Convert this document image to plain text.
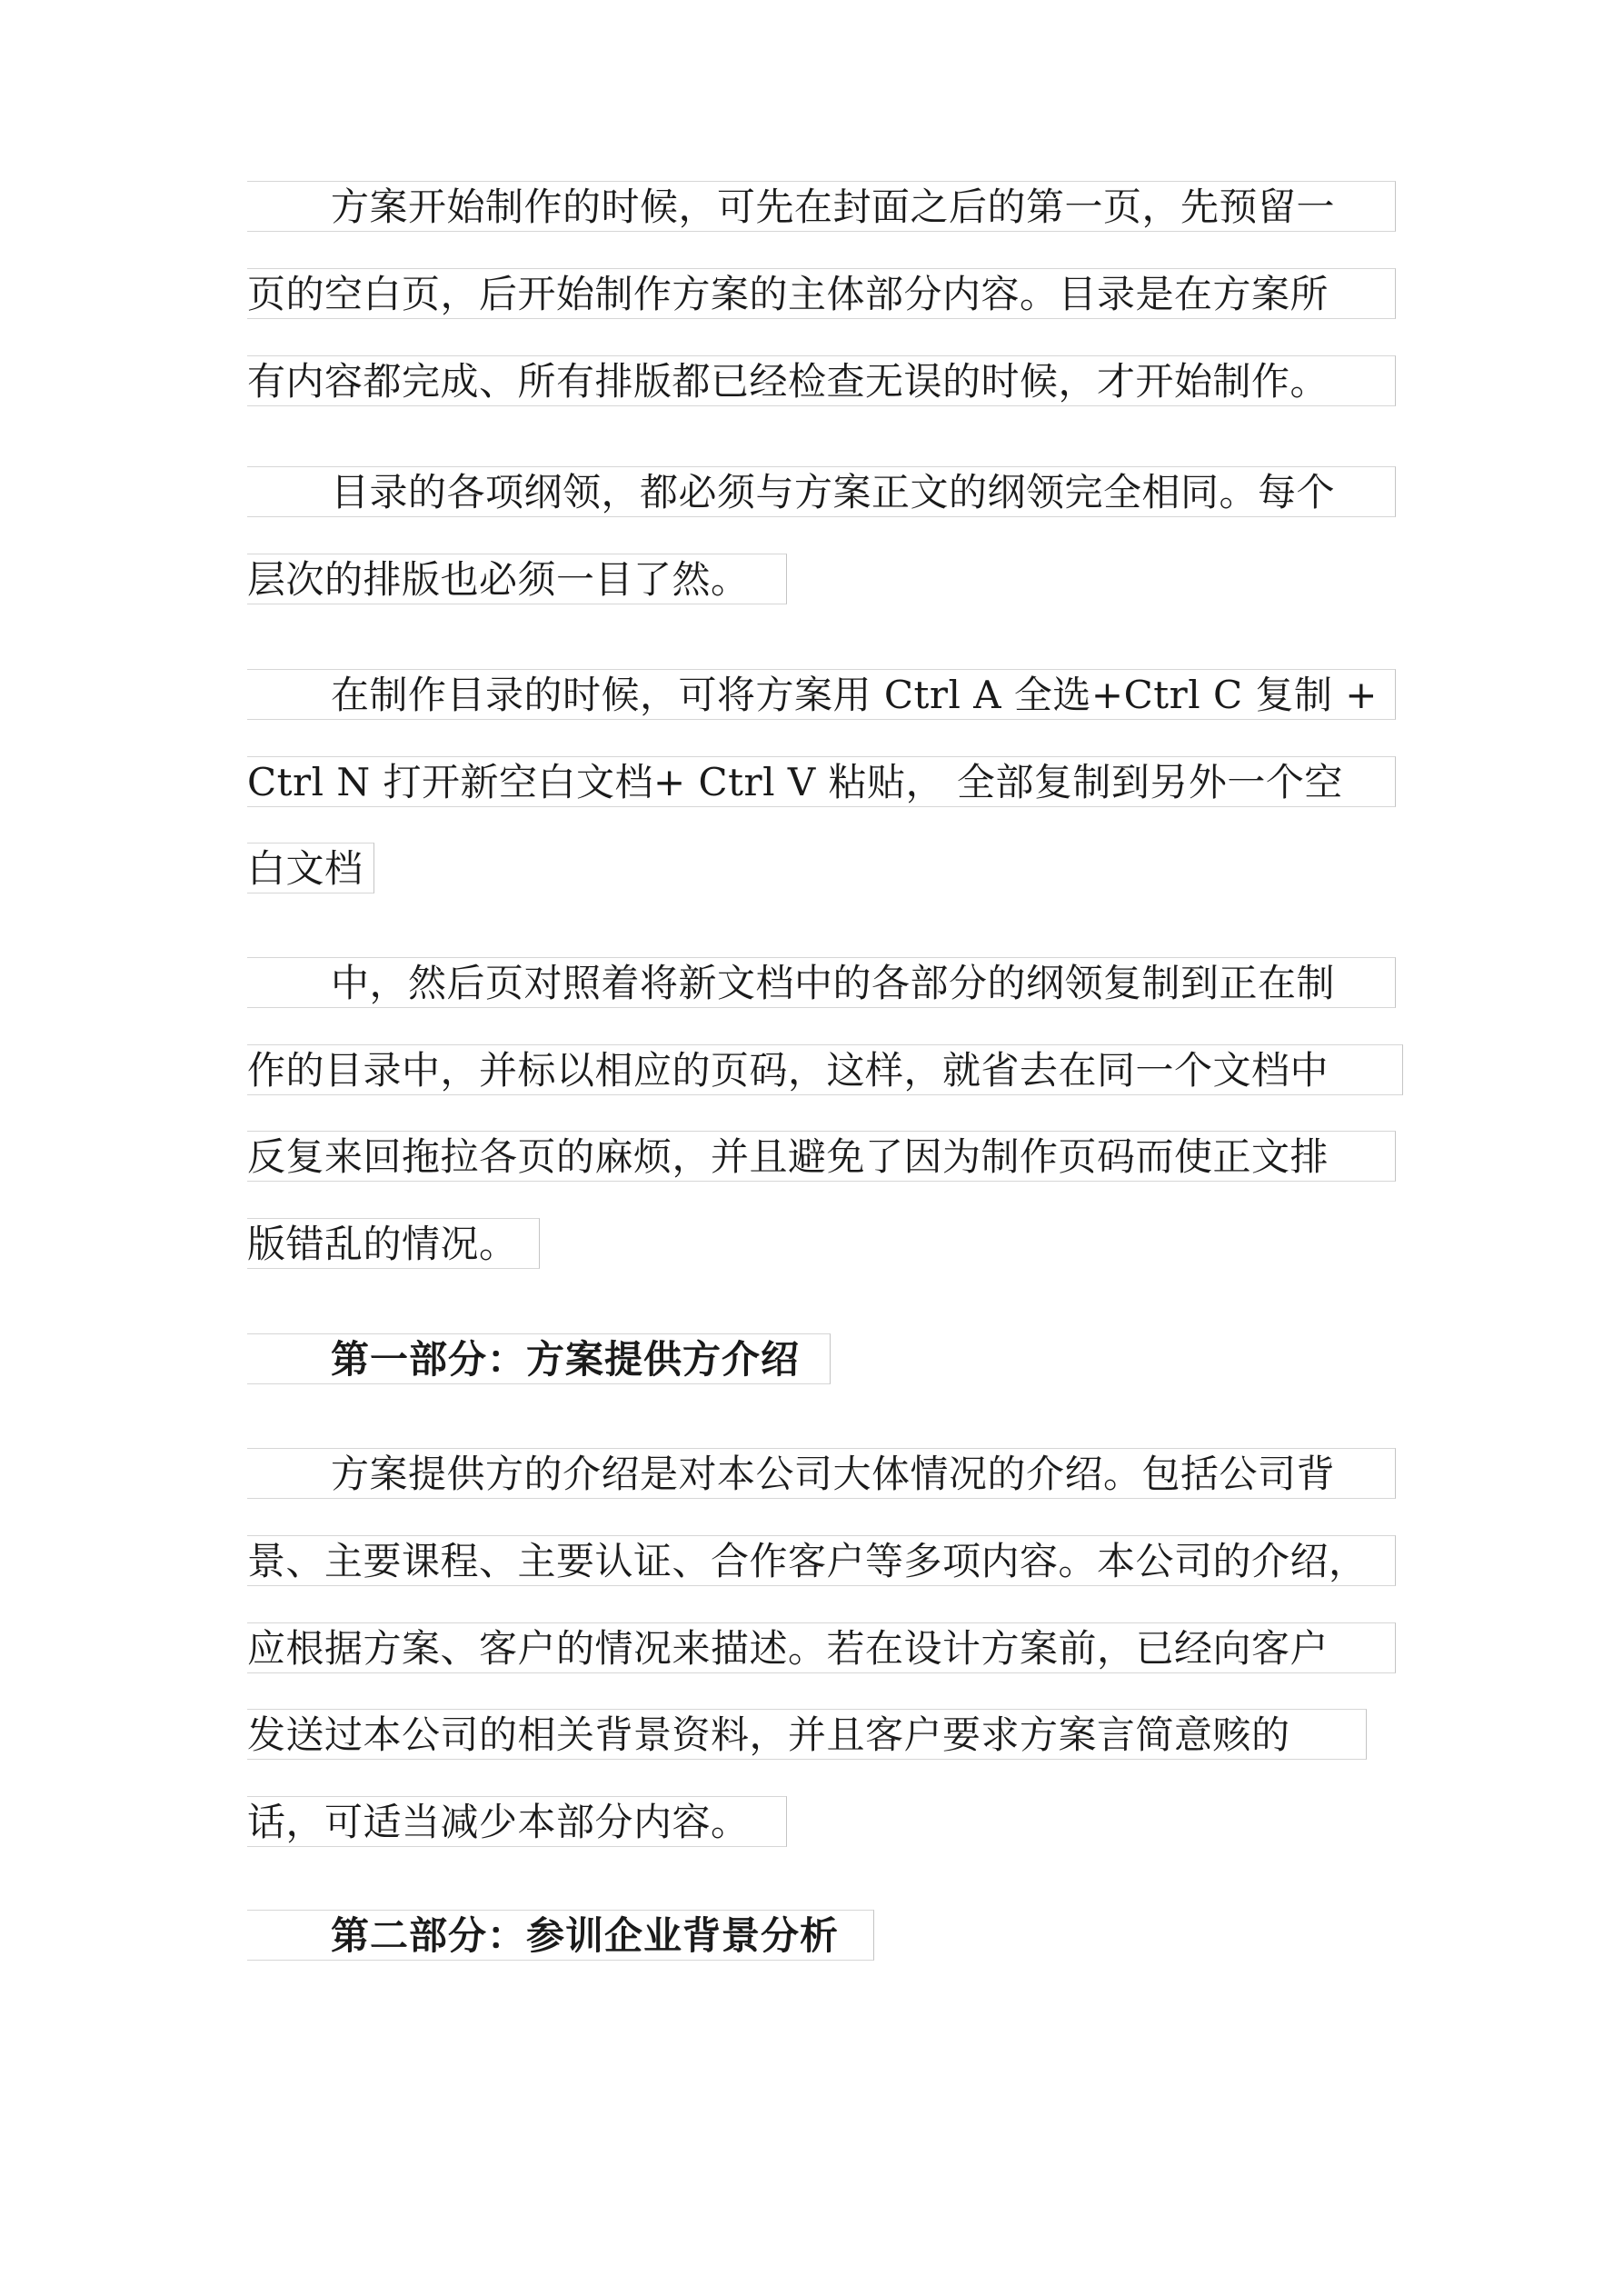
方案开始制作的时候，可先在封面之后的第一页，先预留一
页的空白页，后开始制作方案的主体部分内容。目录是在方案所
有内容都完成、所有排版都已经检查无误的时候，才开始制作。
目录的各项纲领，都必须与方案正文的纲领完全相同。每个
层次的排版也必须一目了然。
在制作目录的时候，可将方案用 Ctrl A 全选+Ctrl C 复制 +
Ctrl N 打开新空白文档+ Ctrl V 粘贴， 全部复制到另外一个空
白文档
中，然后页对照着将新文档中的各部分的纲领复制到正在制
作的目录中，并标以相应的页码，这样，就省去在同一个文档中
反复来回拖拉各页的麻烦，并且避免了因为制作页码而使正文排
版错乱的情况。
第一部分：方案提供方介绍
方案提供方的介绍是对本公司大体情况的介绍。包括公司背
景、主要课程、主要认证、合作客户等多项内容。本公司的介绍，
应根据方案、客户的情况来描述。若在设计方案前，已经向客户
发送过本公司的相关背景资料，并且客户要求方案言简意赅的
话，可适当减少本部分内容。
第二部分：参训企业背景分析
